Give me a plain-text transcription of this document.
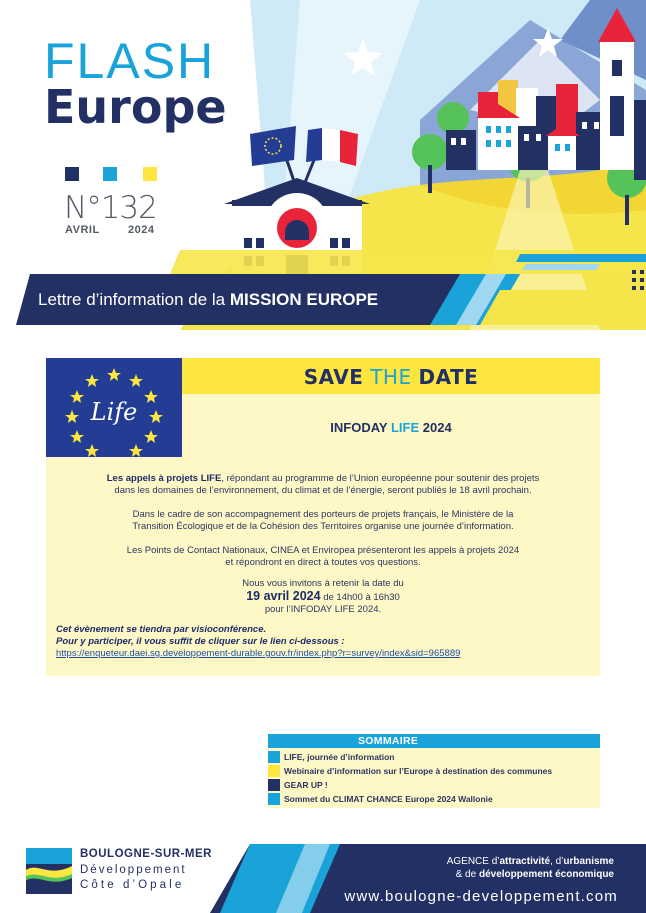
FLASH
Europe
N°132
AVRIL	2024
Lettre d’information de la MISSION EUROPE
Life
SAVE THE DATE
INFODAY LIFE 2024
Les appels à projets LIFE, répondant au programme de l’Union européenne pour soutenir des projets
dans les domaines de l’environnement, du climat et de l’énergie, seront publiés le 18 avril prochain.
Dans le cadre de son accompagnement des porteurs de projets français, le Ministère de la
Transition Écologique et de la Cohésion des Territoires organise une journée d’information.
Les Points de Contact Nationaux, CINEA et Enviropea présenteront les appels à projets 2024
et répondront en direct à toutes vos questions.
Nous vous invitons à retenir la date du
19 avril 2024 de 14h00 à 16h30
pour l’INFODAY LIFE 2024.
Cet évènement se tiendra par visioconférence.
Pour y participer, il vous suffit de cliquer sur le lien ci-dessous :
https://enqueteur.daei.sg.developpement-durable.gouv.fr/index.php?r=survey/index&sid=965889
SOMMAIRE
LIFE, journée d’information
Webinaire d’information sur l’Europe à destination des communes
GEAR UP !
Sommet du CLIMAT CHANCE Europe 2024 Wallonie
BOULOGNE-SUR-MER
Développement
Côte d’Opale
AGENCE d’attractivité, d’urbanisme
& de développement économique
www.boulogne-developpement.com
